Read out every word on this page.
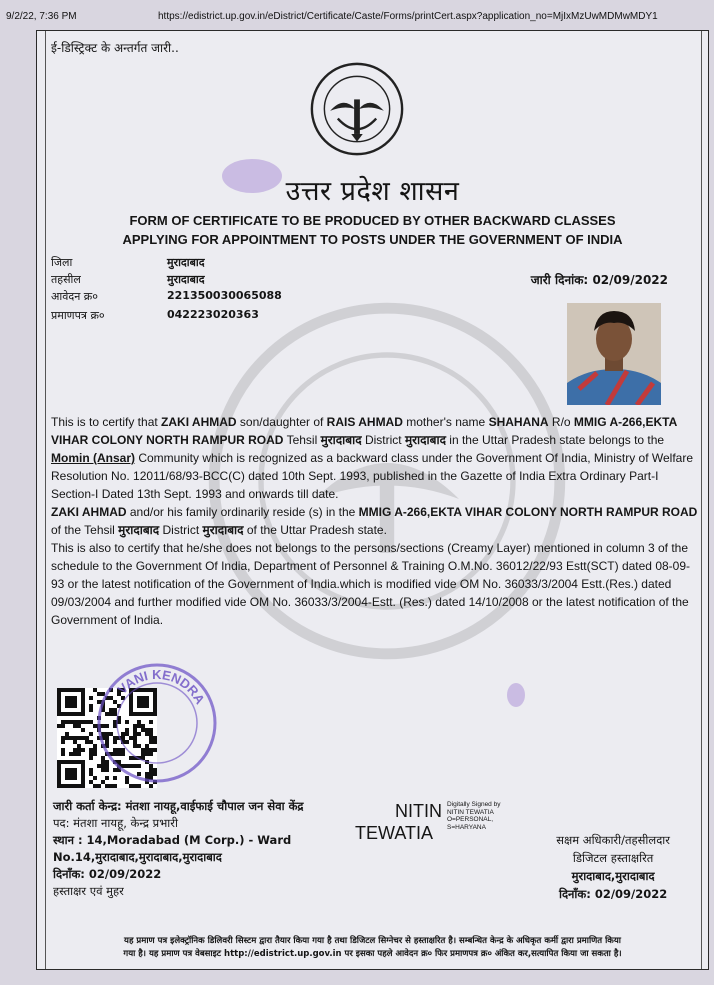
9/2/22, 7:36 PM	https://edistrict.up.gov.in/eDistrict/Certificate/Caste/Forms/printCert.aspx?application_no=MjIxMzUwMDMwMDY1
ई-डिस्ट्रिक्ट के अन्तर्गत जारी..
उत्तर प्रदेश शासन
FORM OF CERTIFICATE TO BE PRODUCED BY OTHER BACKWARD CLASSES
APPLYING FOR APPOINTMENT TO POSTS UNDER THE GOVERNMENT OF INDIA
जिला	मुरादाबाद
तहसील	मुरादाबाद
आवेदन क्र०	221350030065088
प्रमाणपत्र क्र०	042223020363
जारी दिनांक: 02/09/2022

This is to certify that ZAKI AHMAD son/daughter of RAIS AHMAD mother's name SHAHANA R/o MMIG A-266,EKTA VIHAR COLONY NORTH RAMPUR ROAD Tehsil मुरादाबाद District मुरादाबाद in the Uttar Pradesh state belongs to the Momin (Ansar) Community which is recognized as a backward class under the Government Of India, Ministry of Welfare Resolution No. 12011/68/93-BCC(C) dated 10th Sept. 1993, published in the Gazette of India Extra Ordinary Part-I Section-I Dated 13th Sept. 1993 and onwards till date.

ZAKI AHMAD and/or his family ordinarily reside (s) in the MMIG A-266,EKTA VIHAR COLONY NORTH RAMPUR ROAD of the Tehsil मुरादाबाद District मुरादाबाद of the Uttar Pradesh state.

This is also to certify that he/she does not belongs to the persons/sections (Creamy Layer) mentioned in column 3 of the schedule to the Government Of India, Department of Personnel & Training O.M.No. 36012/22/93 Estt(SCT) dated 08-09-93 or the latest notification of the Government of India.which is modified vide OM No. 36033/3/2004 Estt.(Res.) dated 09/03/2004 and further modified vide OM No. 36033/3/2004-Estt. (Res.) dated 14/10/2008 or the latest notification of the Government of India.

VANI KENDRA
जारी कर्ता केन्द्र: मंतशा नायहू,वाईफाई चौपाल जन सेवा केंद्र
पद: मंतशा नायहू, केन्द्र प्रभारी
स्थान : 14,Moradabad (M Corp.) - Ward
No.14,मुरादाबाद,मुरादाबाद,मुरादाबाद
दिनाँक: 02/09/2022
हस्ताक्षर एवं मुहर
NITIN
TEWATIA
Digitally Signed by
NITIN TEWATIA
O=PERSONAL,
S=HARYANA
सक्षम अधिकारी/तहसीलदार
डिजिटल हस्ताक्षरित
मुरादाबाद,मुरादाबाद
दिनाँक: 02/09/2022
यह प्रमाण पत्र इलेक्ट्रॉनिक डिलिवरी सिस्टम द्वारा तैयार किया गया है तथा डिजिटल सिग्नेचर से हस्ताक्षरित है। सम्बन्धित केन्द्र के अधिकृत कर्मी द्वारा प्रमाणित किया
गया है। यह प्रमाण पत्र वेबसाइट http://edistrict.up.gov.in पर इसका पहले आवेदन क्र० फिर प्रमाणपत्र क्र० अंकित कर,सत्यापित किया जा सकता है।
